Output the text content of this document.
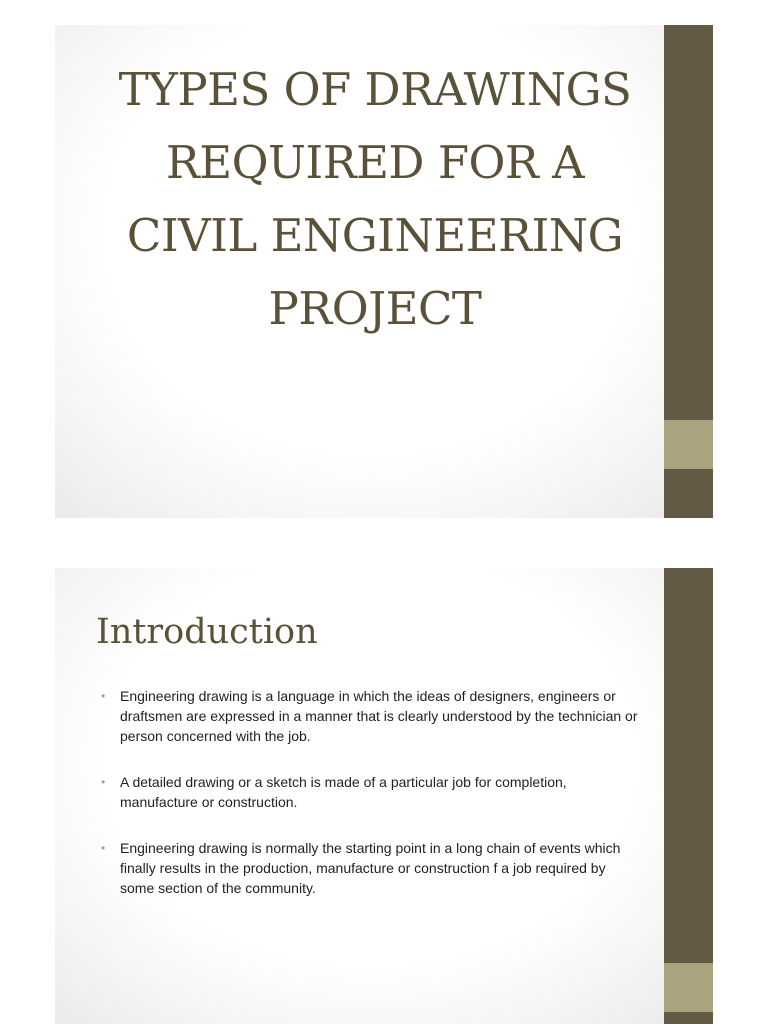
TYPES OF DRAWINGS
REQUIRED FOR A
CIVIL ENGINEERING
PROJECT
Introduction
• Engineering drawing is a language in which the ideas of designers, engineers or draftsmen are expressed in a manner that is clearly understood by the technician or person concerned with the job.
• A detailed drawing or a sketch is made of a particular job for completion, manufacture or construction.
• Engineering drawing is normally the starting point in a long chain of events which finally results in the production, manufacture or construction f a job required by some section of the community.
